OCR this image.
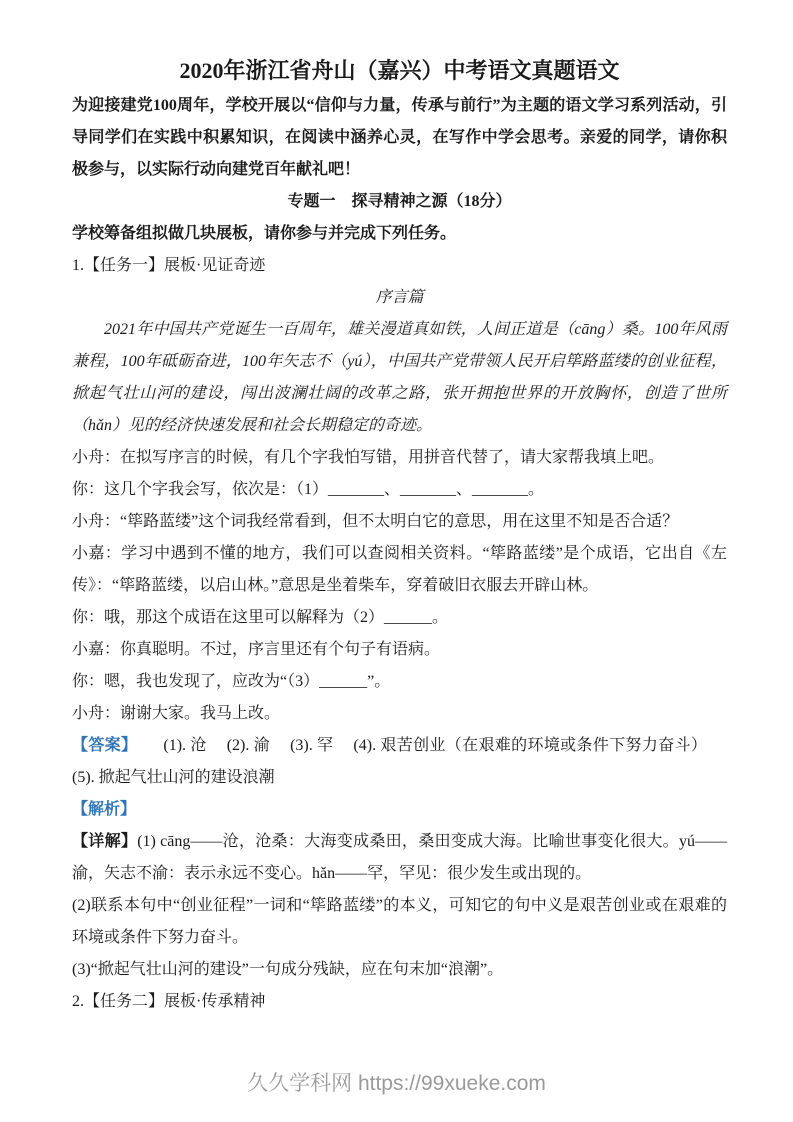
2020年浙江省舟山（嘉兴）中考语文真题语文

为迎接建党100周年，学校开展以“信仰与力量，传承与前行”为主题的语文学习系列活动，引导同学们在实践中积累知识，在阅读中涵养心灵，在写作中学会思考。亲爱的同学，请你积极参与，以实际行动向建党百年献礼吧！

专题一　探寻精神之源（18分）

学校筹备组拟做几块展板，请你参与并完成下列任务。

1.【任务一】展板·见证奇迹

序言篇

2021年中国共产党诞生一百周年，雄关漫道真如铁，人间正道是（cāng）桑。100年风雨兼程，100年砥砺奋进，100年矢志不（yú），中国共产党带领人民开启筚路蓝缕的创业征程，掀起气壮山河的建设，闯出波澜壮阔的改革之路，张开拥抱世界的开放胸怀，创造了世所（hǎn）见的经济快速发展和社会长期稳定的奇迹。

小舟：在拟写序言的时候，有几个字我怕写错，用拼音代替了，请大家帮我填上吧。

你：这几个字我会写，依次是：（1）_______、_______、_______。

小舟：“筚路蓝缕”这个词我经常看到，但不太明白它的意思，用在这里不知是否合适？

小嘉：学习中遇到不懂的地方，我们可以查阅相关资料。“筚路蓝缕”是个成语，它出自《左传》：“筚路蓝缕，以启山林。”意思是坐着柴车，穿着破旧衣服去开辟山林。

你：哦，那这个成语在这里可以解释为（2）______。

小嘉：你真聪明。不过，序言里还有个句子有语病。

你：嗯，我也发现了，应改为“（3）______”。

小舟：谢谢大家。我马上改。

【答案】 (1). 沧 (2). 渝 (3). 罕 (4). 艰苦创业（在艰难的环境或条件下努力奋斗）(5). 掀起气壮山河的建设浪潮

【解析】

【详解】(1) cāng——沧，沧桑：大海变成桑田，桑田变成大海。比喻世事变化很大。yú——渝，矢志不渝：表示永远不变心。hǎn——罕，罕见：很少发生或出现的。

(2)联系本句中“创业征程”一词和“筚路蓝缕”的本义，可知它的句中义是艰苦创业或在艰难的环境或条件下努力奋斗。

(3)“掀起气壮山河的建设”一句成分残缺，应在句末加“浪潮”。

2.【任务二】展板·传承精神

久久学科网 https://99xueke.com
